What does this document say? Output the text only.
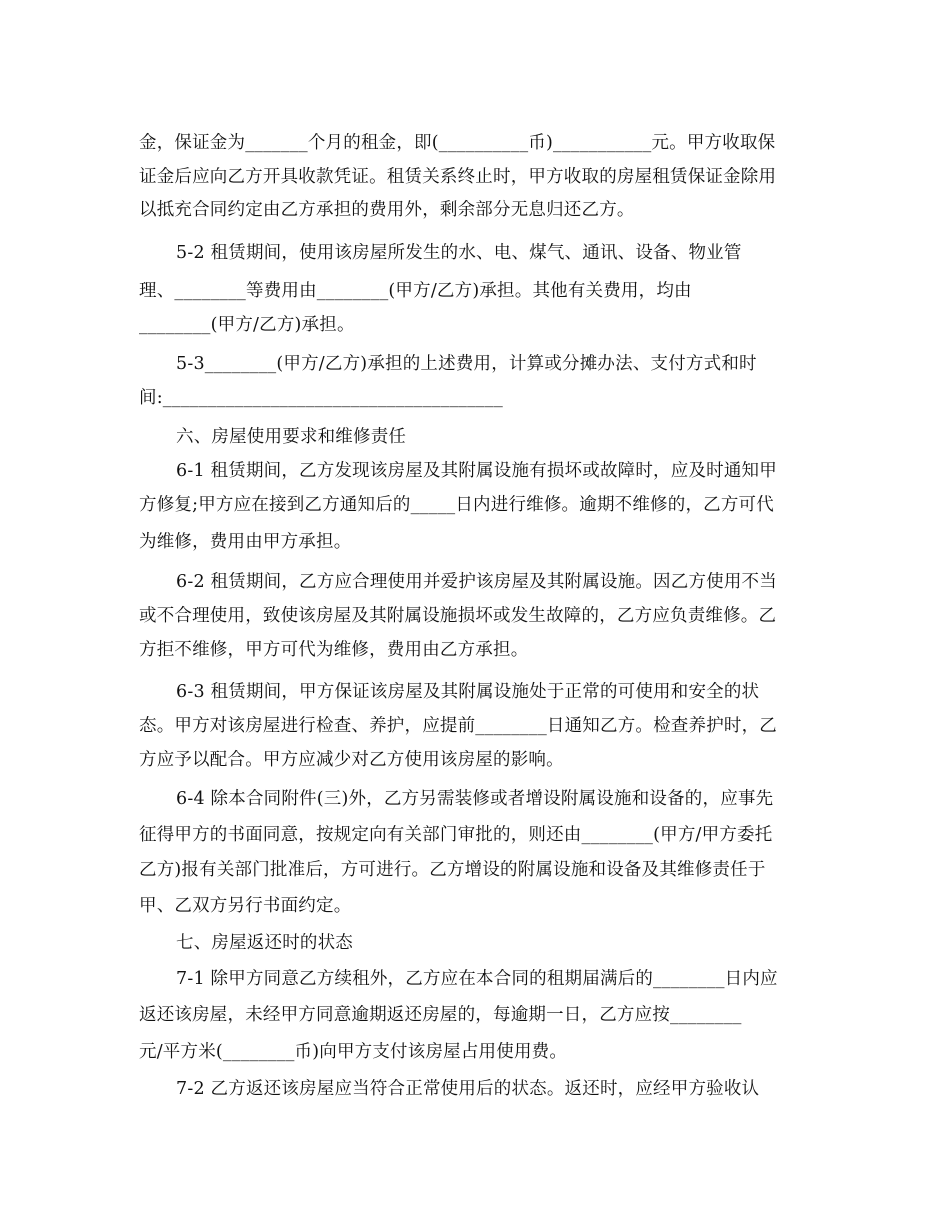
金，保证金为_______个月的租金，即(__________币)___________元。甲方收取保
证金后应向乙方开具收款凭证。租赁关系终止时，甲方收取的房屋租赁保证金除用
以抵充合同约定由乙方承担的费用外，剩余部分无息归还乙方。
5-2 租赁期间，使用该房屋所发生的水、电、煤气、通讯、设备、物业管
理、________等费用由________(甲方/乙方)承担。其他有关费用，均由
________(甲方/乙方)承担。
5-3________(甲方/乙方)承担的上述费用，计算或分摊办法、支付方式和时
间:______________________________________
六、房屋使用要求和维修责任
6-1 租赁期间，乙方发现该房屋及其附属设施有损坏或故障时，应及时通知甲
方修复;甲方应在接到乙方通知后的_____日内进行维修。逾期不维修的，乙方可代
为维修，费用由甲方承担。
6-2 租赁期间，乙方应合理使用并爱护该房屋及其附属设施。因乙方使用不当
或不合理使用，致使该房屋及其附属设施损坏或发生故障的，乙方应负责维修。乙
方拒不维修，甲方可代为维修，费用由乙方承担。
6-3 租赁期间，甲方保证该房屋及其附属设施处于正常的可使用和安全的状
态。甲方对该房屋进行检查、养护，应提前________日通知乙方。检查养护时，乙
方应予以配合。甲方应减少对乙方使用该房屋的影响。
6-4 除本合同附件(三)外，乙方另需装修或者增设附属设施和设备的，应事先
征得甲方的书面同意，按规定向有关部门审批的，则还由________(甲方/甲方委托
乙方)报有关部门批准后，方可进行。乙方增设的附属设施和设备及其维修责任于
甲、乙双方另行书面约定。
七、房屋返还时的状态
7-1 除甲方同意乙方续租外，乙方应在本合同的租期届满后的________日内应
返还该房屋，未经甲方同意逾期返还房屋的，每逾期一日，乙方应按________
元/平方米(________币)向甲方支付该房屋占用使用费。
7-2 乙方返还该房屋应当符合正常使用后的状态。返还时，应经甲方验收认
